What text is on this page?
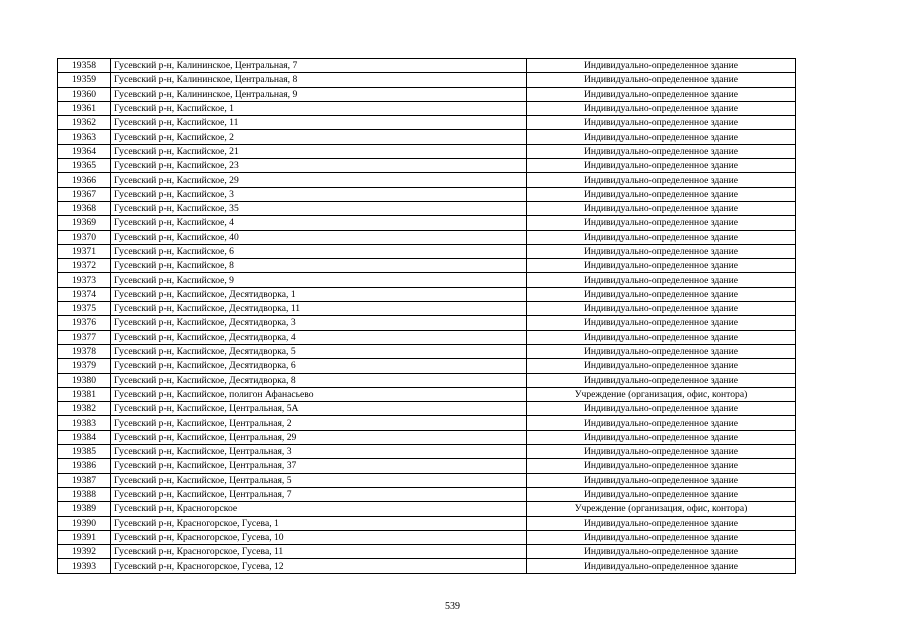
19358	Гусевский р-н, Калининское, Центральная, 7	Индивидуально-определенное здание
19359	Гусевский р-н, Калининское, Центральная, 8	Индивидуально-определенное здание
19360	Гусевский р-н, Калининское, Центральная, 9	Индивидуально-определенное здание
19361	Гусевский р-н, Каспийское, 1	Индивидуально-определенное здание
19362	Гусевский р-н, Каспийское, 11	Индивидуально-определенное здание
19363	Гусевский р-н, Каспийское, 2	Индивидуально-определенное здание
19364	Гусевский р-н, Каспийское, 21	Индивидуально-определенное здание
19365	Гусевский р-н, Каспийское, 23	Индивидуально-определенное здание
19366	Гусевский р-н, Каспийское, 29	Индивидуально-определенное здание
19367	Гусевский р-н, Каспийское, 3	Индивидуально-определенное здание
19368	Гусевский р-н, Каспийское, 35	Индивидуально-определенное здание
19369	Гусевский р-н, Каспийское, 4	Индивидуально-определенное здание
19370	Гусевский р-н, Каспийское, 40	Индивидуально-определенное здание
19371	Гусевский р-н, Каспийское, 6	Индивидуально-определенное здание
19372	Гусевский р-н, Каспийское, 8	Индивидуально-определенное здание
19373	Гусевский р-н, Каспийское, 9	Индивидуально-определенное здание
19374	Гусевский р-н, Каспийское, Десятидворка, 1	Индивидуально-определенное здание
19375	Гусевский р-н, Каспийское, Десятидворка, 11	Индивидуально-определенное здание
19376	Гусевский р-н, Каспийское, Десятидворка, 3	Индивидуально-определенное здание
19377	Гусевский р-н, Каспийское, Десятидворка, 4	Индивидуально-определенное здание
19378	Гусевский р-н, Каспийское, Десятидворка, 5	Индивидуально-определенное здание
19379	Гусевский р-н, Каспийское, Десятидворка, 6	Индивидуально-определенное здание
19380	Гусевский р-н, Каспийское, Десятидворка, 8	Индивидуально-определенное здание
19381	Гусевский р-н, Каспийское, полигон Афанасьево	Учреждение (организация, офис, контора)
19382	Гусевский р-н, Каспийское, Центральная, 5А	Индивидуально-определенное здание
19383	Гусевский р-н, Каспийское, Центральная, 2	Индивидуально-определенное здание
19384	Гусевский р-н, Каспийское, Центральная, 29	Индивидуально-определенное здание
19385	Гусевский р-н, Каспийское, Центральная, 3	Индивидуально-определенное здание
19386	Гусевский р-н, Каспийское, Центральная, 37	Индивидуально-определенное здание
19387	Гусевский р-н, Каспийское, Центральная, 5	Индивидуально-определенное здание
19388	Гусевский р-н, Каспийское, Центральная, 7	Индивидуально-определенное здание
19389	Гусевский р-н, Красногорское	Учреждение (организация, офис, контора)
19390	Гусевский р-н, Красногорское, Гусева, 1	Индивидуально-определенное здание
19391	Гусевский р-н, Красногорское, Гусева, 10	Индивидуально-определенное здание
19392	Гусевский р-н, Красногорское, Гусева, 11	Индивидуально-определенное здание
19393	Гусевский р-н, Красногорское, Гусева, 12	Индивидуально-определенное здание
539
